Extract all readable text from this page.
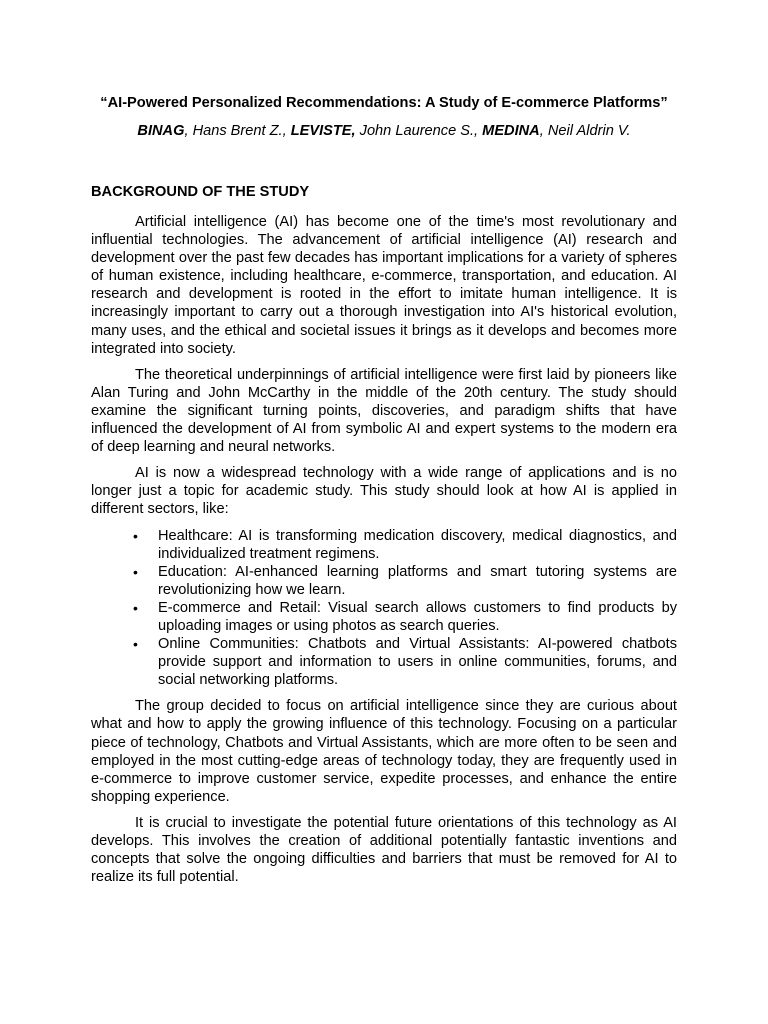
“AI-Powered Personalized Recommendations: A Study of E-commerce Platforms”

BINAG, Hans Brent Z., LEVISTE, John Laurence S., MEDINA, Neil Aldrin V.

BACKGROUND OF THE STUDY

Artificial intelligence (AI) has become one of the time's most revolutionary and influential technologies. The advancement of artificial intelligence (AI) research and development over the past few decades has important implications for a variety of spheres of human existence, including healthcare, e-commerce, transportation, and education. AI research and development is rooted in the effort to imitate human intelligence. It is increasingly important to carry out a thorough investigation into AI's historical evolution, many uses, and the ethical and societal issues it brings as it develops and becomes more integrated into society.

The theoretical underpinnings of artificial intelligence were first laid by pioneers like Alan Turing and John McCarthy in the middle of the 20th century. The study should examine the significant turning points, discoveries, and paradigm shifts that have influenced the development of AI from symbolic AI and expert systems to the modern era of deep learning and neural networks.

AI is now a widespread technology with a wide range of applications and is no longer just a topic for academic study. This study should look at how AI is applied in different sectors, like:

• Healthcare: AI is transforming medication discovery, medical diagnostics, and individualized treatment regimens.
• Education: AI-enhanced learning platforms and smart tutoring systems are revolutionizing how we learn.
• E-commerce and Retail: Visual search allows customers to find products by uploading images or using photos as search queries.
• Online Communities: Chatbots and Virtual Assistants: AI-powered chatbots provide support and information to users in online communities, forums, and social networking platforms.

The group decided to focus on artificial intelligence since they are curious about what and how to apply the growing influence of this technology. Focusing on a particular piece of technology, Chatbots and Virtual Assistants, which are more often to be seen and employed in the most cutting-edge areas of technology today, they are frequently used in e-commerce to improve customer service, expedite processes, and enhance the entire shopping experience.

It is crucial to investigate the potential future orientations of this technology as AI develops. This involves the creation of additional potentially fantastic inventions and concepts that solve the ongoing difficulties and barriers that must be removed for AI to realize its full potential.
